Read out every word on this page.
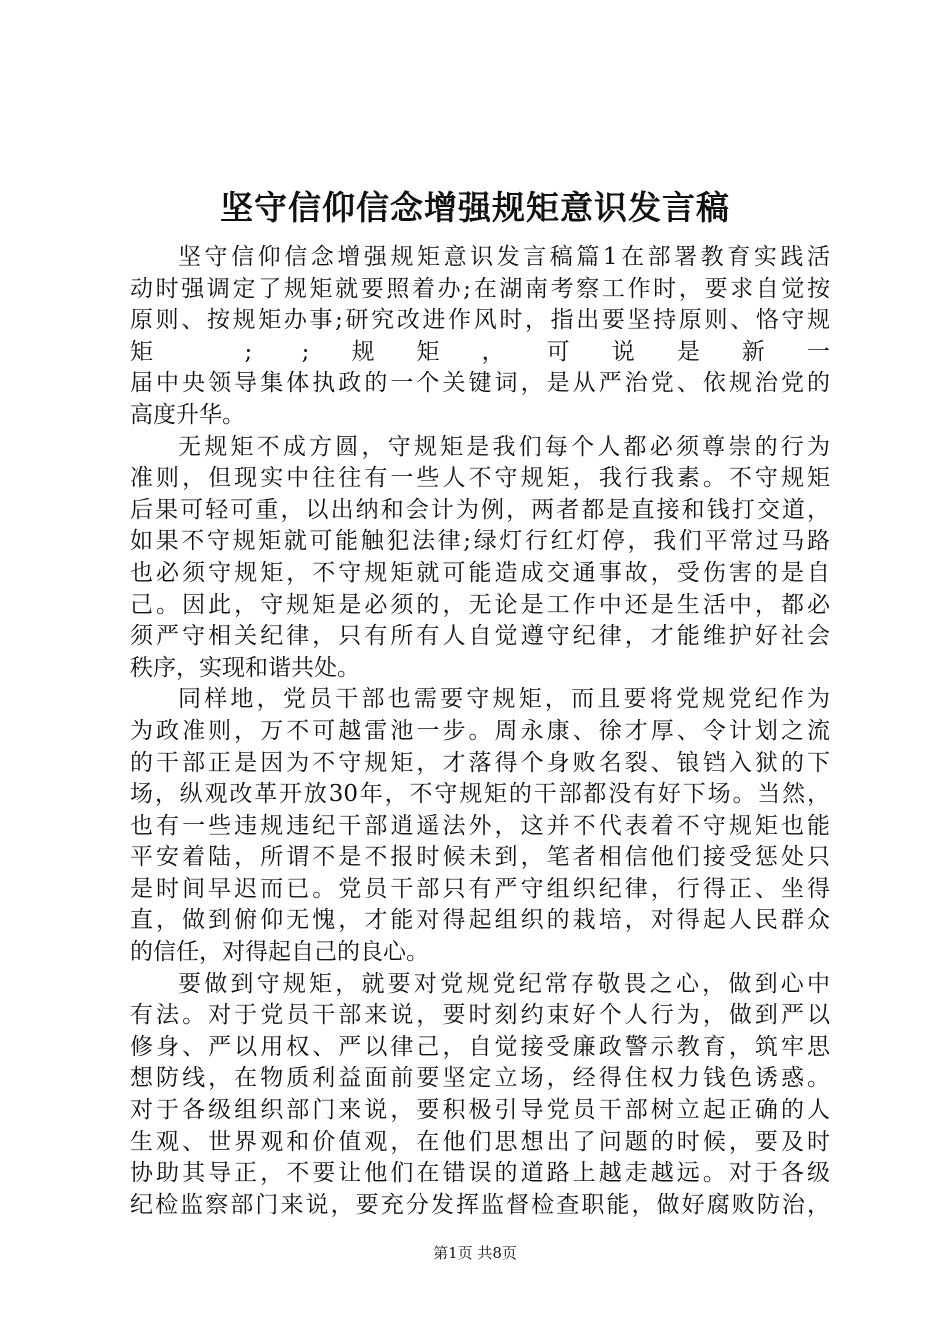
坚守信仰信念增强规矩意识发言稿
坚守信仰信念增强规矩意识发言稿篇1在部署教育实践活
动时强调定了规矩就要照着办;在湖南考察工作时，要求自觉按
原则、按规矩办事;研究改进作风时，指出要坚持原则、恪守规
矩 ; ;规矩，可说是新一
届中央领导集体执政的一个关键词，是从严治党、依规治党的
高度升华。
无规矩不成方圆，守规矩是我们每个人都必须尊崇的行为
准则，但现实中往往有一些人不守规矩，我行我素。不守规矩
后果可轻可重，以出纳和会计为例，两者都是直接和钱打交道，
如果不守规矩就可能触犯法律;绿灯行红灯停，我们平常过马路
也必须守规矩，不守规矩就可能造成交通事故，受伤害的是自
己。因此，守规矩是必须的，无论是工作中还是生活中，都必
须严守相关纪律，只有所有人自觉遵守纪律，才能维护好社会
秩序，实现和谐共处。
同样地，党员干部也需要守规矩，而且要将党规党纪作为
为政准则，万不可越雷池一步。周永康、徐才厚、令计划之流
的干部正是因为不守规矩，才落得个身败名裂、锒铛入狱的下
场，纵观改革开放30年，不守规矩的干部都没有好下场。当然，
也有一些违规违纪干部逍遥法外，这并不代表着不守规矩也能
平安着陆，所谓不是不报时候未到，笔者相信他们接受惩处只
是时间早迟而已。党员干部只有严守组织纪律，行得正、坐得
直，做到俯仰无愧，才能对得起组织的栽培，对得起人民群众
的信任，对得起自己的良心。
要做到守规矩，就要对党规党纪常存敬畏之心，做到心中
有法。对于党员干部来说，要时刻约束好个人行为，做到严以
修身、严以用权、严以律己，自觉接受廉政警示教育，筑牢思
想防线，在物质利益面前要坚定立场，经得住权力钱色诱惑。
对于各级组织部门来说，要积极引导党员干部树立起正确的人
生观、世界观和价值观，在他们思想出了问题的时候，要及时
协助其导正，不要让他们在错误的道路上越走越远。对于各级
纪检监察部门来说，要充分发挥监督检查职能，做好腐败防治，
第1页 共8页
